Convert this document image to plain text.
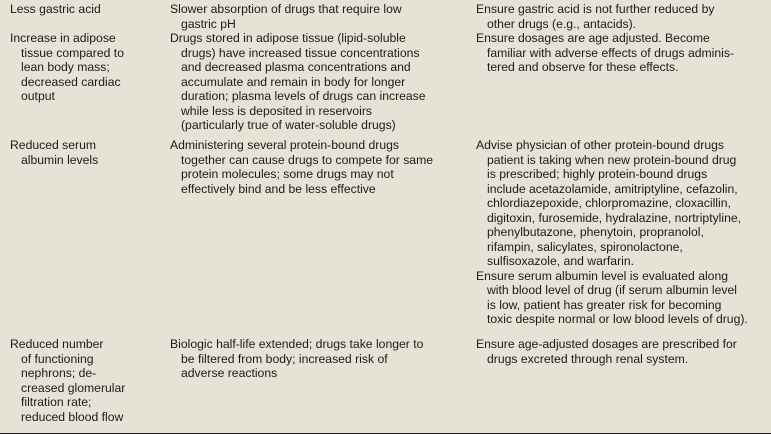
Less gastric acid	Slower absorption of drugs that require low
gastric pH
Ensure gastric acid is not further reduced by
other drugs (e.g., antacids).
Increase in adipose
tissue compared to
lean body mass;
decreased cardiac
output
Drugs stored in adipose tissue (lipid-soluble
drugs) have increased tissue concentrations
and decreased plasma concentrations and
accumulate and remain in body for longer
duration; plasma levels of drugs can increase
while less is deposited in reservoirs
(particularly true of water-soluble drugs)
Ensure dosages are age adjusted. Become
familiar with adverse effects of drugs adminis-
tered and observe for these effects.
Reduced serum
albumin levels
Administering several protein-bound drugs
together can cause drugs to compete for same
protein molecules; some drugs may not
effectively bind and be less effective
Advise physician of other protein-bound drugs
patient is taking when new protein-bound drug
is prescribed; highly protein-bound drugs
include acetazolamide, amitriptyline, cefazolin,
chlordiazepoxide, chlorpromazine, cloxacillin,
digitoxin, furosemide, hydralazine, nortriptyline,
phenylbutazone, phenytoin, propranolol,
rifampin, salicylates, spironolactone,
sulfisoxazole, and warfarin.
Ensure serum albumin level is evaluated along
with blood level of drug (if serum albumin level
is low, patient has greater risk for becoming
toxic despite normal or low blood levels of drug).
Reduced number
of functioning
nephrons; de-
creased glomerular
filtration rate;
reduced blood flow
Biologic half-life extended; drugs take longer to
be filtered from body; increased risk of
adverse reactions
Ensure age-adjusted dosages are prescribed for
drugs excreted through renal system.
